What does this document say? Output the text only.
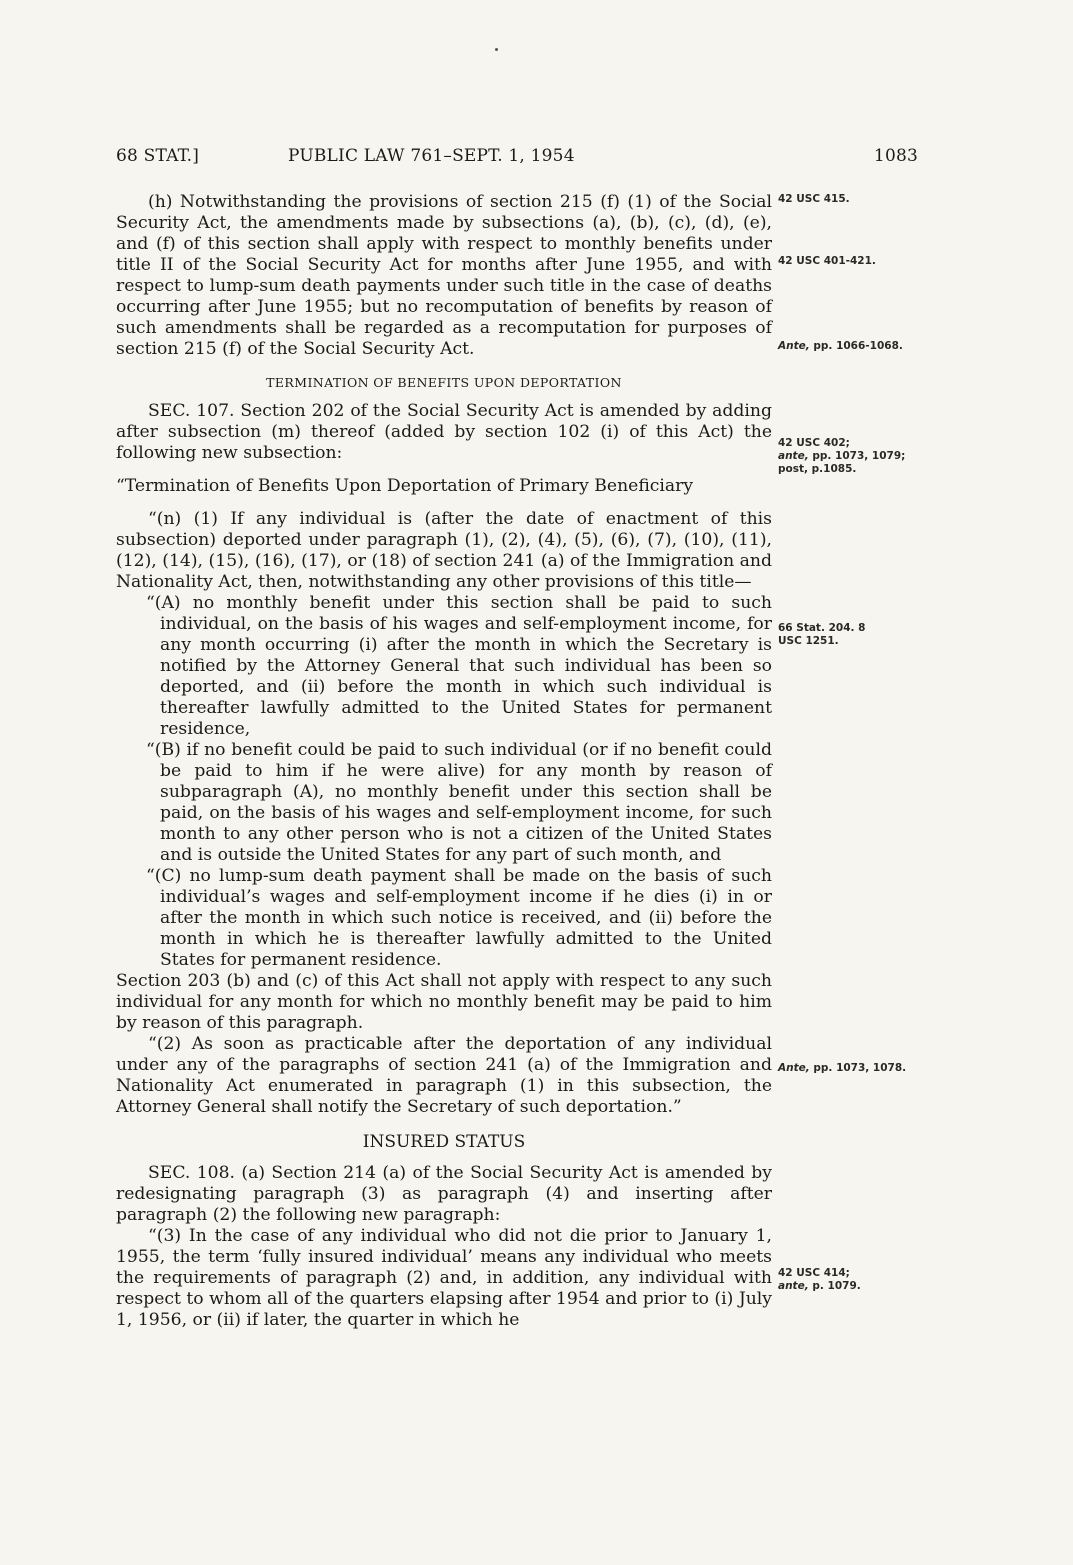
68 STAT.]	PUBLIC LAW 761–SEPT. 1, 1954	1083

(h) Notwithstanding the provisions of section 215 (f) (1) of the Social Security Act, the amendments made by subsections (a), (b), (c), (d), (e), and (f) of this section shall apply with respect to monthly benefits under title II of the Social Security Act for months after June 1955, and with respect to lump-sum death payments under such title in the case of deaths occurring after June 1955; but no recomputation of benefits by reason of such amendments shall be regarded as a recomputation for purposes of section 215 (f) of the Social Security Act.

TERMINATION OF BENEFITS UPON DEPORTATION

SEC. 107. Section 202 of the Social Security Act is amended by adding after subsection (m) thereof (added by section 102 (i) of this Act) the following new subsection:

“Termination of Benefits Upon Deportation of Primary Beneficiary

“(n) (1) If any individual is (after the date of enactment of this subsection) deported under paragraph (1), (2), (4), (5), (6), (7), (10), (11), (12), (14), (15), (16), (17), or (18) of section 241 (a) of the Immigration and Nationality Act, then, notwithstanding any other provisions of this title—

“(A) no monthly benefit under this section shall be paid to such individual, on the basis of his wages and self-employment income, for any month occurring (i) after the month in which the Secretary is notified by the Attorney General that such individual has been so deported, and (ii) before the month in which such individual is thereafter lawfully admitted to the United States for permanent residence,

“(B) if no benefit could be paid to such individual (or if no benefit could be paid to him if he were alive) for any month by reason of subparagraph (A), no monthly benefit under this section shall be paid, on the basis of his wages and self-employment income, for such month to any other person who is not a citizen of the United States and is outside the United States for any part of such month, and

“(C) no lump-sum death payment shall be made on the basis of such individual’s wages and self-employment income if he dies (i) in or after the month in which such notice is received, and (ii) before the month in which he is thereafter lawfully admitted to the United States for permanent residence.

Section 203 (b) and (c) of this Act shall not apply with respect to any such individual for any month for which no monthly benefit may be paid to him by reason of this paragraph.

“(2) As soon as practicable after the deportation of any individual under any of the paragraphs of section 241 (a) of the Immigration and Nationality Act enumerated in paragraph (1) in this subsection, the Attorney General shall notify the Secretary of such deportation.”

INSURED STATUS

SEC. 108. (a) Section 214 (a) of the Social Security Act is amended by redesignating paragraph (3) as paragraph (4) and inserting after paragraph (2) the following new paragraph:

“(3) In the case of any individual who did not die prior to January 1, 1955, the term ‘fully insured individual’ means any individual who meets the requirements of paragraph (2) and, in addition, any individual with respect to whom all of the quarters elapsing after 1954 and prior to (i) July 1, 1956, or (ii) if later, the quarter in which he

42 USC 415.
42 USC 401-421.
Ante, pp. 1066-1068.
42 USC 402;
ante, pp. 1073, 1079; post, p.1085.
66 Stat. 204. 8 USC 1251.
Ante, pp. 1073, 1078.
42 USC 414;
ante, p. 1079.
